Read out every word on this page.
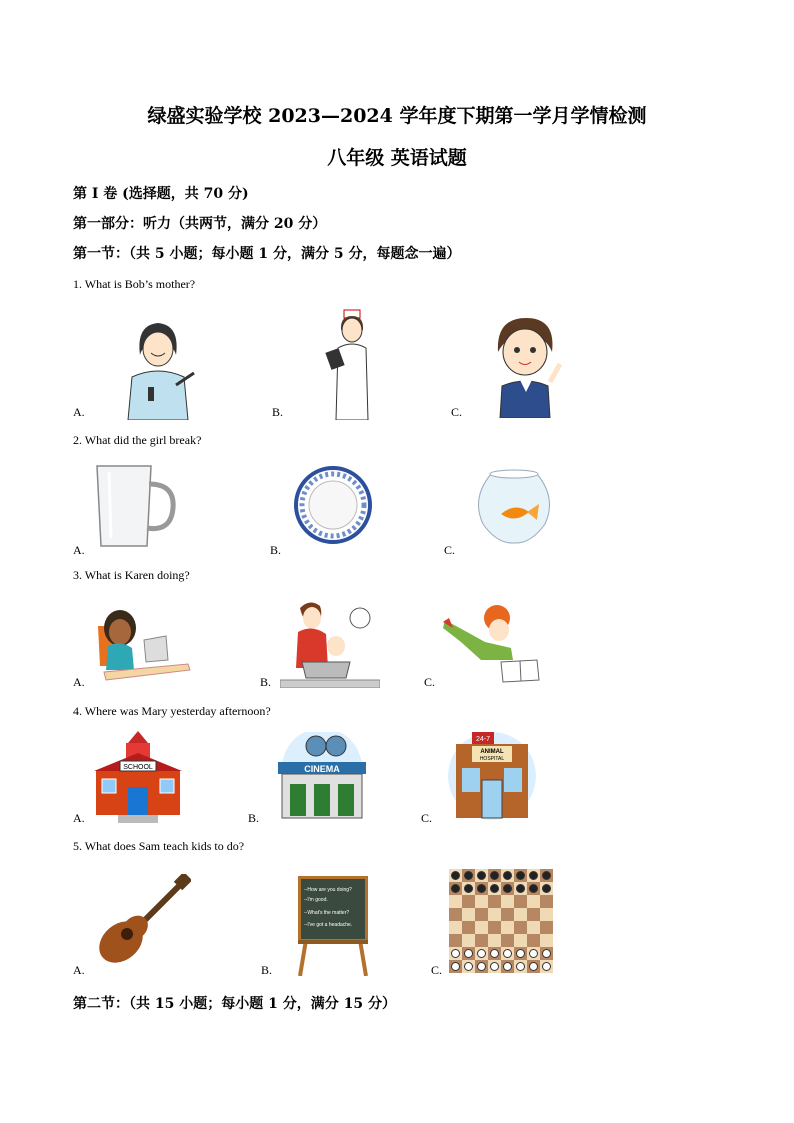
绿盛实验学校 2023—2024 学年度下期第一学月学情检测
八年级 英语试题
第 I 卷 (选择题，共 70 分)
第一部分：听力（共两节，满分 20 分）
第一节：（共 5 小题；每小题 1 分，满分 5 分，每题念一遍）
1. What is Bob’s mother?
A.	B.	C.
2. What did the girl break?
A.	B.	C.
3. What is Karen doing?
A.	B.	C.
4. Where was Mary yesterday afternoon?
A.
SCHOOL
B.
CINEMA
C.
24-7
ANIMAL
HOSPITAL
5. What does Sam teach kids to do?
A.	B.
--How are you doing?
--I'm good.
--What's the matter?
--I've got a headache.
C.
第二节：（共 15 小题；每小题 1 分，满分 15 分）
